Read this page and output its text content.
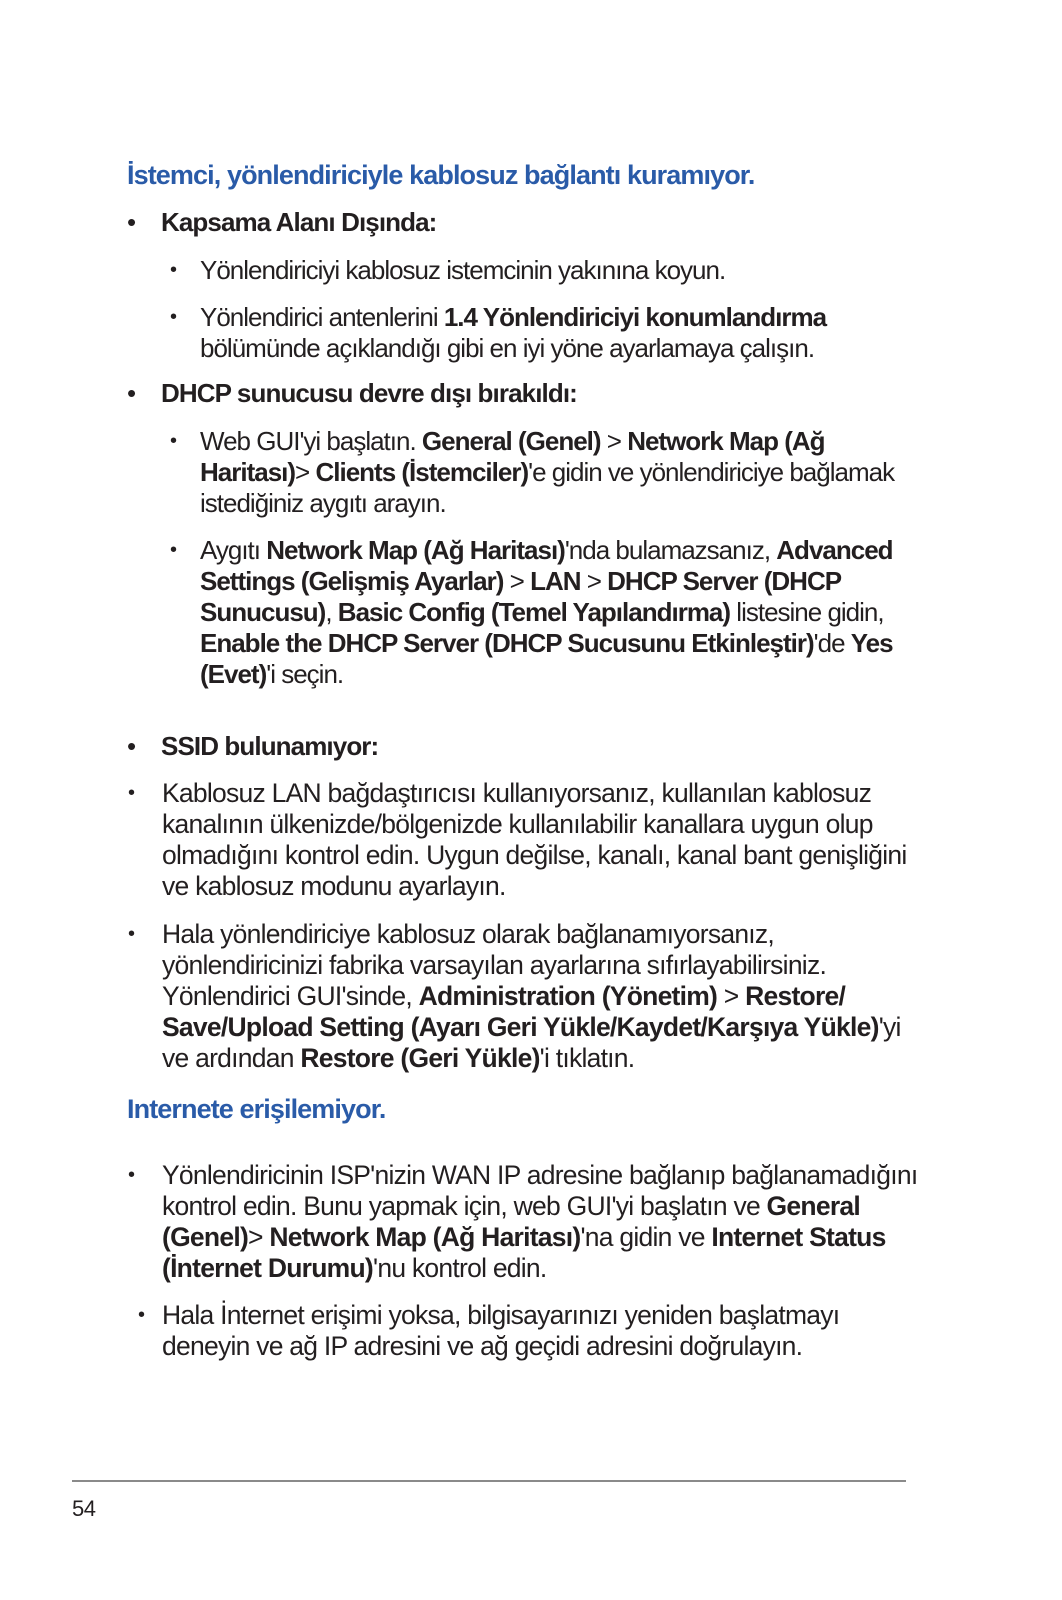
İstemci, yönlendiriciyle kablosuz bağlantı kuramıyor.
• Kapsama Alanı Dışında:
• Yönlendiriciyi kablosuz istemcinin yakınına koyun.
• Yönlendirici antenlerini 1.4 Yönlendiriciyi konumlandırma bölümünde açıklandığı gibi en iyi yöne ayarlamaya çalışın.
• DHCP sunucusu devre dışı bırakıldı:
• Web GUI'yi başlatın. General (Genel) > Network Map (Ağ Haritası)> Clients (İstemciler)'e gidin ve yönlendiriciye bağlamak istediğiniz aygıtı arayın.
• Aygıtı Network Map (Ağ Haritası)'nda bulamazsanız, Advanced Settings (Gelişmiş Ayarlar) > LAN > DHCP Server (DHCP Sunucusu), Basic Config (Temel Yapılandırma) listesine gidin, Enable the DHCP Server (DHCP Sucusunu Etkinleştir)'de Yes (Evet)'i seçin.
• SSID bulunamıyor:
• Kablosuz LAN bağdaştırıcısı kullanıyorsanız, kullanılan kablosuz kanalının ülkenizde/bölgenizde kullanılabilir kanallara uygun olup olmadığını kontrol edin. Uygun değilse, kanalı, kanal bant genişliğini ve kablosuz modunu ayarlayın.
• Hala yönlendiriciye kablosuz olarak bağlanamıyorsanız, yönlendiricinizi fabrika varsayılan ayarlarına sıfırlayabilirsiniz. Yönlendirici GUI'sinde, Administration (Yönetim) > Restore/ Save/Upload Setting (Ayarı Geri Yükle/Kaydet/Karşıya Yükle)'yi ve ardından Restore (Geri Yükle)'i tıklatın.
Internete erişilemiyor.
• Yönlendiricinin ISP'nizin WAN IP adresine bağlanıp bağlanamadığını kontrol edin. Bunu yapmak için, web GUI'yi başlatın ve General (Genel)> Network Map (Ağ Haritası)'na gidin ve Internet Status (İnternet Durumu)'nu kontrol edin.
• Hala İnternet erişimi yoksa, bilgisayarınızı yeniden başlatmayı deneyin ve ağ IP adresini ve ağ geçidi adresini doğrulayın.
54
